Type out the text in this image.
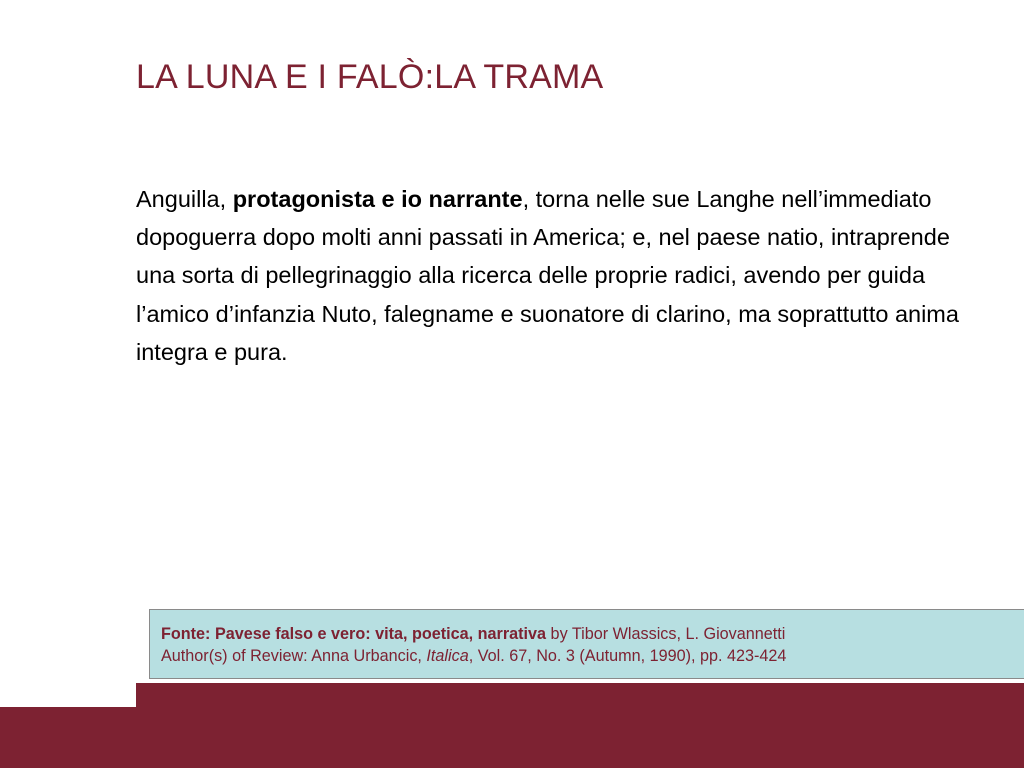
LA LUNA E I FALÒ:LA TRAMA

Anguilla, protagonista e io narrante, torna nelle sue Langhe nell’immediato dopoguerra dopo molti anni passati in America; e, nel paese natio, intraprende una sorta di pellegrinaggio alla ricerca delle proprie radici, avendo per guida l’amico d’infanzia Nuto, falegname e suonatore di clarino, ma soprattutto anima integra e pura.

Fonte: Pavese falso e vero: vita, poetica, narrativa by Tibor Wlassics, L. Giovannetti
Author(s) of Review: Anna Urbancic, Italica, Vol. 67, No. 3 (Autumn, 1990), pp. 423-424
